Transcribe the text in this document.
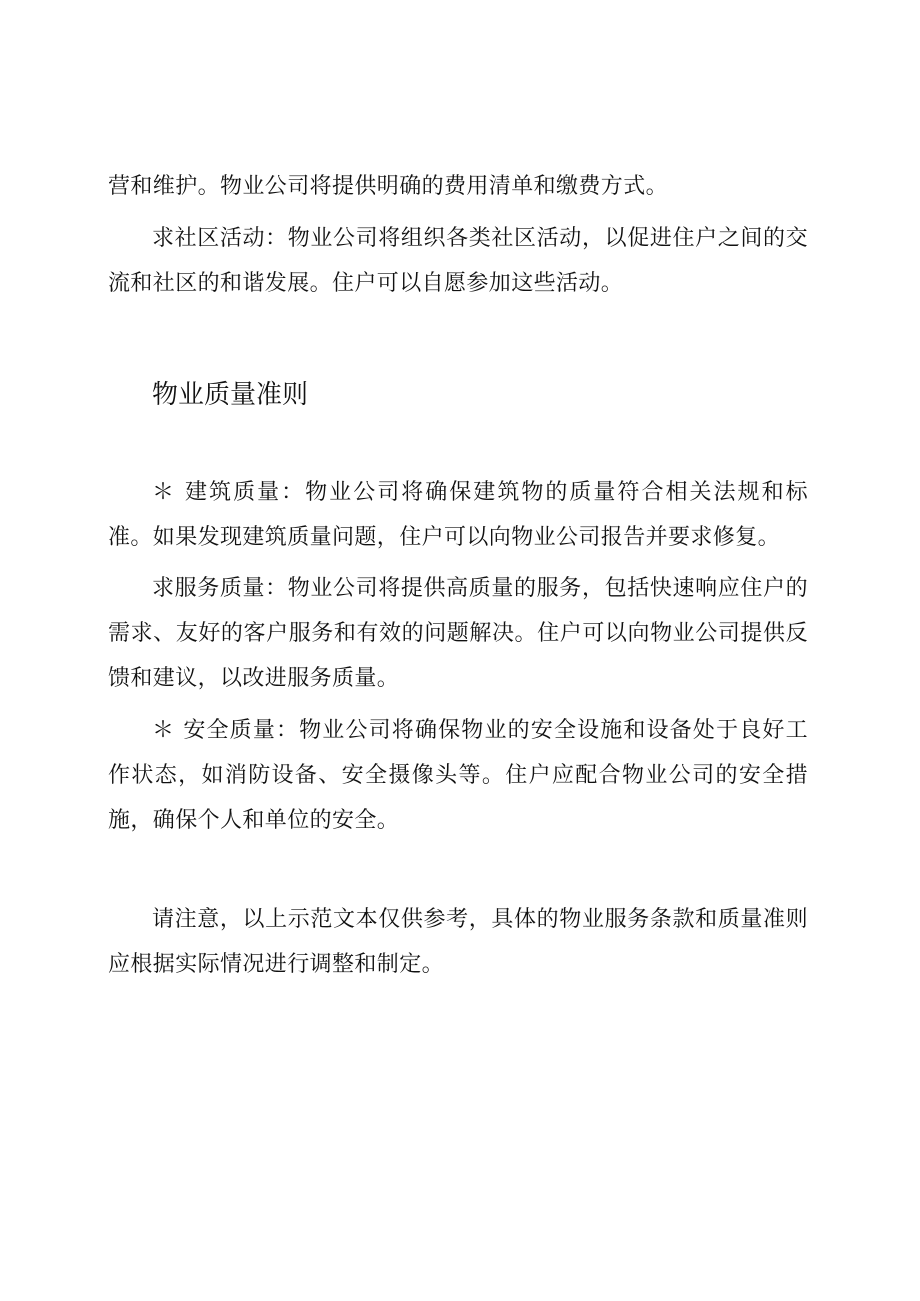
营和维护。物业公司将提供明确的费用清单和缴费方式。

求社区活动：物业公司将组织各类社区活动，以促进住户之间的交流和社区的和谐发展。住户可以自愿参加这些活动。

物业质量准则

＊ 建筑质量：物业公司将确保建筑物的质量符合相关法规和标准。如果发现建筑质量问题，住户可以向物业公司报告并要求修复。

求服务质量：物业公司将提供高质量的服务，包括快速响应住户的需求、友好的客户服务和有效的问题解决。住户可以向物业公司提供反馈和建议，以改进服务质量。

＊ 安全质量：物业公司将确保物业的安全设施和设备处于良好工作状态，如消防设备、安全摄像头等。住户应配合物业公司的安全措施，确保个人和单位的安全。

请注意，以上示范文本仅供参考，具体的物业服务条款和质量准则应根据实际情况进行调整和制定。
